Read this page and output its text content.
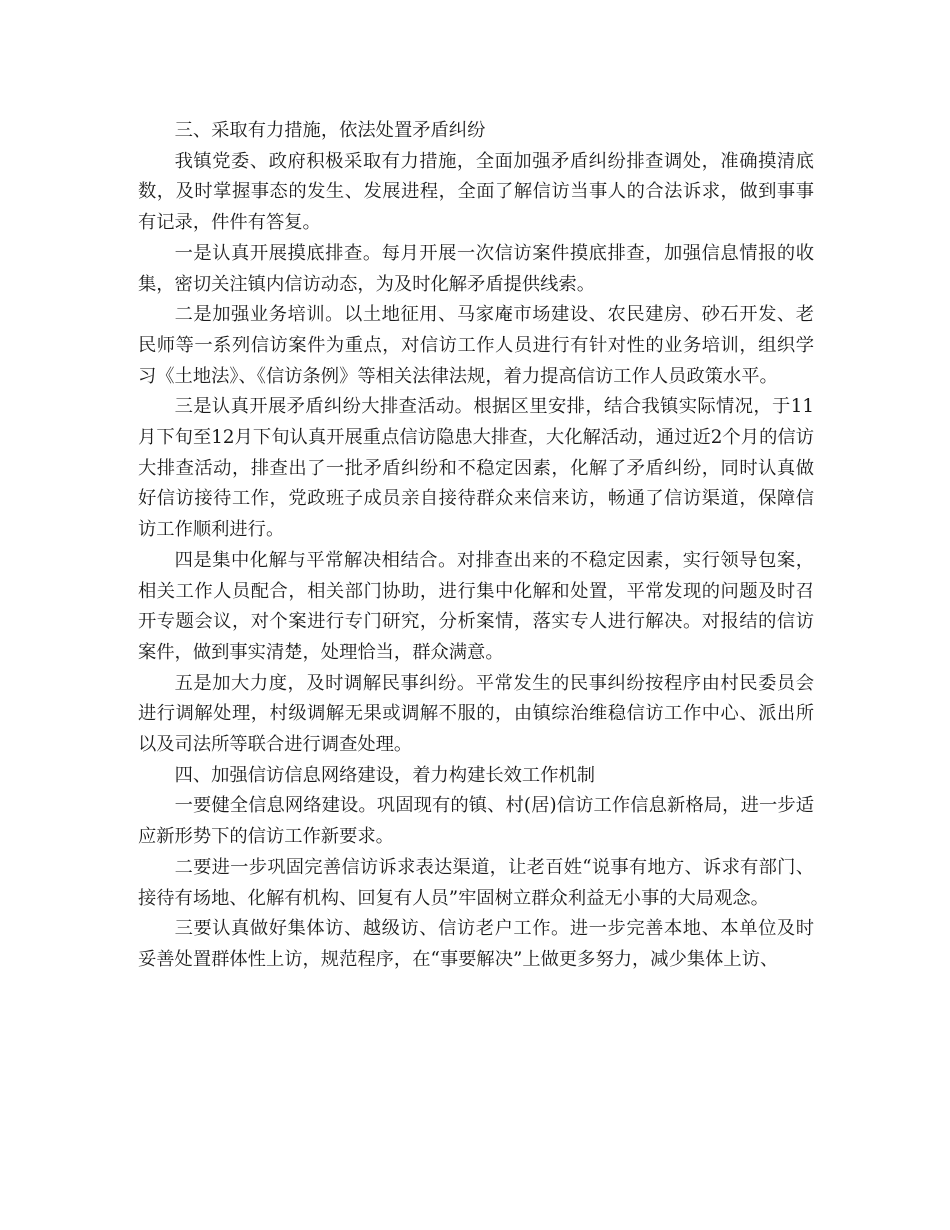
三、采取有力措施，依法处置矛盾纠纷

我镇党委、政府积极采取有力措施，全面加强矛盾纠纷排查调处，准确摸清底数，及时掌握事态的发生、发展进程，全面了解信访当事人的合法诉求，做到事事有记录，件件有答复。

一是认真开展摸底排查。每月开展一次信访案件摸底排查，加强信息情报的收集，密切关注镇内信访动态，为及时化解矛盾提供线索。

二是加强业务培训。以土地征用、马家庵市场建设、农民建房、砂石开发、老民师等一系列信访案件为重点，对信访工作人员进行有针对性的业务培训，组织学习《土地法》、《信访条例》等相关法律法规，着力提高信访工作人员政策水平。

三是认真开展矛盾纠纷大排查活动。根据区里安排，结合我镇实际情况，于11月下旬至12月下旬认真开展重点信访隐患大排查，大化解活动，通过近2个月的信访大排查活动，排查出了一批矛盾纠纷和不稳定因素，化解了矛盾纠纷，同时认真做好信访接待工作，党政班子成员亲自接待群众来信来访，畅通了信访渠道，保障信访工作顺利进行。

四是集中化解与平常解决相结合。对排查出来的不稳定因素，实行领导包案，相关工作人员配合，相关部门协助，进行集中化解和处置，平常发现的问题及时召开专题会议，对个案进行专门研究，分析案情，落实专人进行解决。对报结的信访案件，做到事实清楚，处理恰当，群众满意。

五是加大力度，及时调解民事纠纷。平常发生的民事纠纷按程序由村民委员会进行调解处理，村级调解无果或调解不服的，由镇综治维稳信访工作中心、派出所以及司法所等联合进行调查处理。

四、加强信访信息网络建设，着力构建长效工作机制

一要健全信息网络建设。巩固现有的镇、村(居)信访工作信息新格局，进一步适应新形势下的信访工作新要求。

二要进一步巩固完善信访诉求表达渠道，让老百姓“说事有地方、诉求有部门、接待有场地、化解有机构、回复有人员”牢固树立群众利益无小事的大局观念。

三要认真做好集体访、越级访、信访老户工作。进一步完善本地、本单位及时妥善处置群体性上访，规范程序，在“事要解决”上做更多努力，减少集体上访、
